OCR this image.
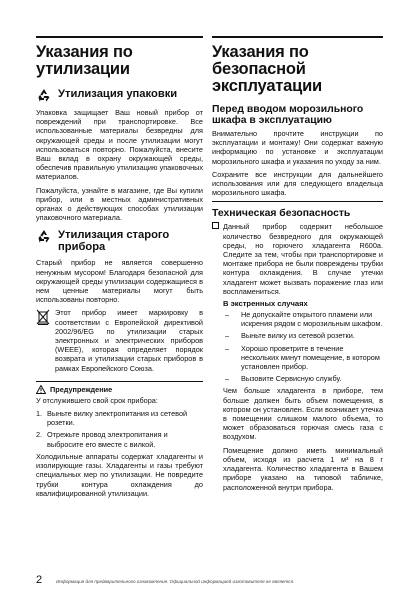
Указания по утилизации
Утилизация упаковки

Упаковка защищает Ваш новый прибор от повреждений при транспортировке. Все использованные материалы безвредны для окружающей среды и после утилизации могут использоваться повторно. Пожалуйста, внесите Ваш вклад в охрану окружающей среды, обеспечив правильную утилизацию упаковочных материалов.

Пожалуйста, узнайте в магазине, где Вы купили прибор, или в местных административных органах о действующих способах утилизации упаковочного материала.

Утилизация старого прибора

Старый прибор не является совершенно ненужным мусором! Благодаря безопасной для окружающей среды утилизации содержащиеся в нем ценные материалы могут быть использованы повторно.

Этот прибор имеет маркировку в соответствии с Европейской директивой 2002/96/EG по утилизации старых электронных и электрических приборов (WEEE), которая определяет порядок возврата и утилизации старых приборов в рамках Европейского Союза.

Предупреждение

У отслужившего свой срок прибора:

1. Выньте вилку электропитания из сетевой розетки.
2. Отрежьте провод электропитания и выбросите его вместе с вилкой.

Холодильные аппараты содержат хладагенты и изолирующие газы. Хладагенты и газы требуют специальных мер по утилизации. Не повредите трубки контура охлаждения до квалифицированной утилизации.

Указания по безопасной эксплуатации
Перед вводом морозильного шкафа в эксплуатацию

Внимательно прочтите инструкции по эксплуатации и монтажу! Они содержат важную информацию по установке и эксплуатации морозильного шкафа и указания по уходу за ним.

Сохраните все инструкции для дальнейшего использования или для следующего владельца морозильного шкафа.

Техническая безопасность

Данный прибор содержит небольшое количество безвредного для окружающей среды, но горючего хладагента R600a. Следите за тем, чтобы при транспортировке и монтаже прибора не были повреждены трубки контура охлаждения. В случае утечки хладагент может вызвать поражение глаз или воспламениться.

В экстренных случаях
–	Не допускайте открытого пламени или искрения рядом с морозильным шкафом.
–	Выньте вилку из сетевой розетки.
–	Хорошо проветрите в течение нескольких минут помещение, в котором установлен прибор.
–	Вызовите Сервисную службу.

Чем больше хладагента в приборе, тем больше должен быть объем помещения, в котором он установлен. Если возникает утечка в помещении слишком малого объема, то может образоваться горючая смесь газа с воздухом.

Помещение должно иметь минимальный объем, исходя из расчета 1 м³ на 8 г хладагента. Количество хладагента в Вашем приборе указано на типовой табличке, расположенной внутри прибора.

2	Информация для предварительного ознакомления. Официальной информацией изготовителя не является.
